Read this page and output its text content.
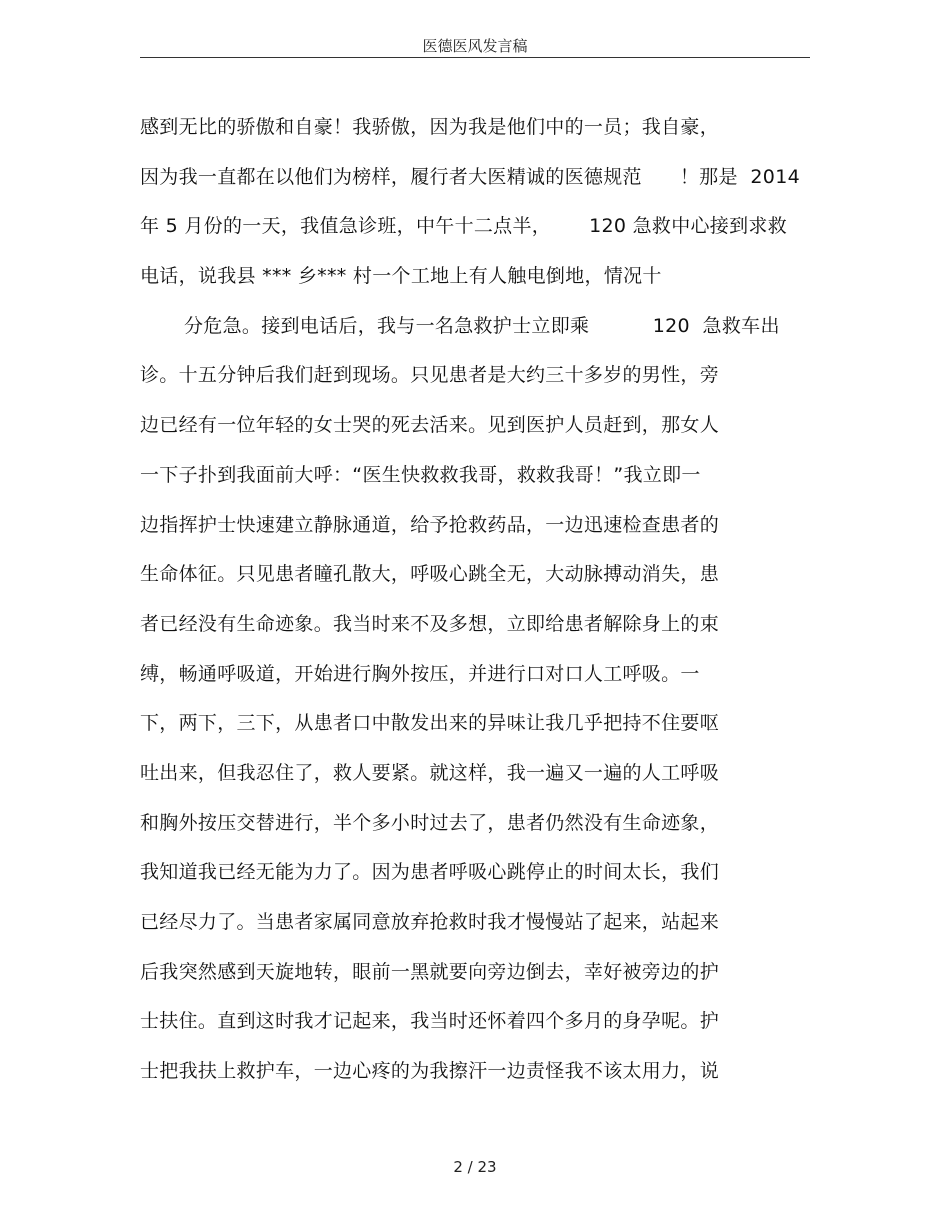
医德医风发言稿
感到无比的骄傲和自豪！我骄傲，因为我是他们中的一员；我自豪，
因为我一直都在以他们为榜样，履行者大医精诚的医德规范      ！那是  2014
年 5 月份的一天，我值急诊班，中午十二点半，      120 急救中心接到求救
电话，说我县 *** 乡*** 村一个工地上有人触电倒地，情况十
分危急。接到电话后，我与一名急救护士立即乘          120  急救车出
诊。十五分钟后我们赶到现场。只见患者是大约三十多岁的男性，旁
边已经有一位年轻的女士哭的死去活来。见到医护人员赶到，那女人
一下子扑到我面前大呼：“医生快救救我哥，救救我哥！”我立即一
边指挥护士快速建立静脉通道，给予抢救药品，一边迅速检查患者的
生命体征。只见患者瞳孔散大，呼吸心跳全无，大动脉搏动消失，患
者已经没有生命迹象。我当时来不及多想，立即给患者解除身上的束
缚，畅通呼吸道，开始进行胸外按压，并进行口对口人工呼吸。一
下，两下，三下，从患者口中散发出来的异味让我几乎把持不住要呕
吐出来，但我忍住了，救人要紧。就这样，我一遍又一遍的人工呼吸
和胸外按压交替进行，半个多小时过去了，患者仍然没有生命迹象，
我知道我已经无能为力了。因为患者呼吸心跳停止的时间太长，我们
已经尽力了。当患者家属同意放弃抢救时我才慢慢站了起来，站起来
后我突然感到天旋地转，眼前一黑就要向旁边倒去，幸好被旁边的护
士扶住。直到这时我才记起来，我当时还怀着四个多月的身孕呢。护
士把我扶上救护车，一边心疼的为我擦汗一边责怪我不该太用力，说
2 / 23
